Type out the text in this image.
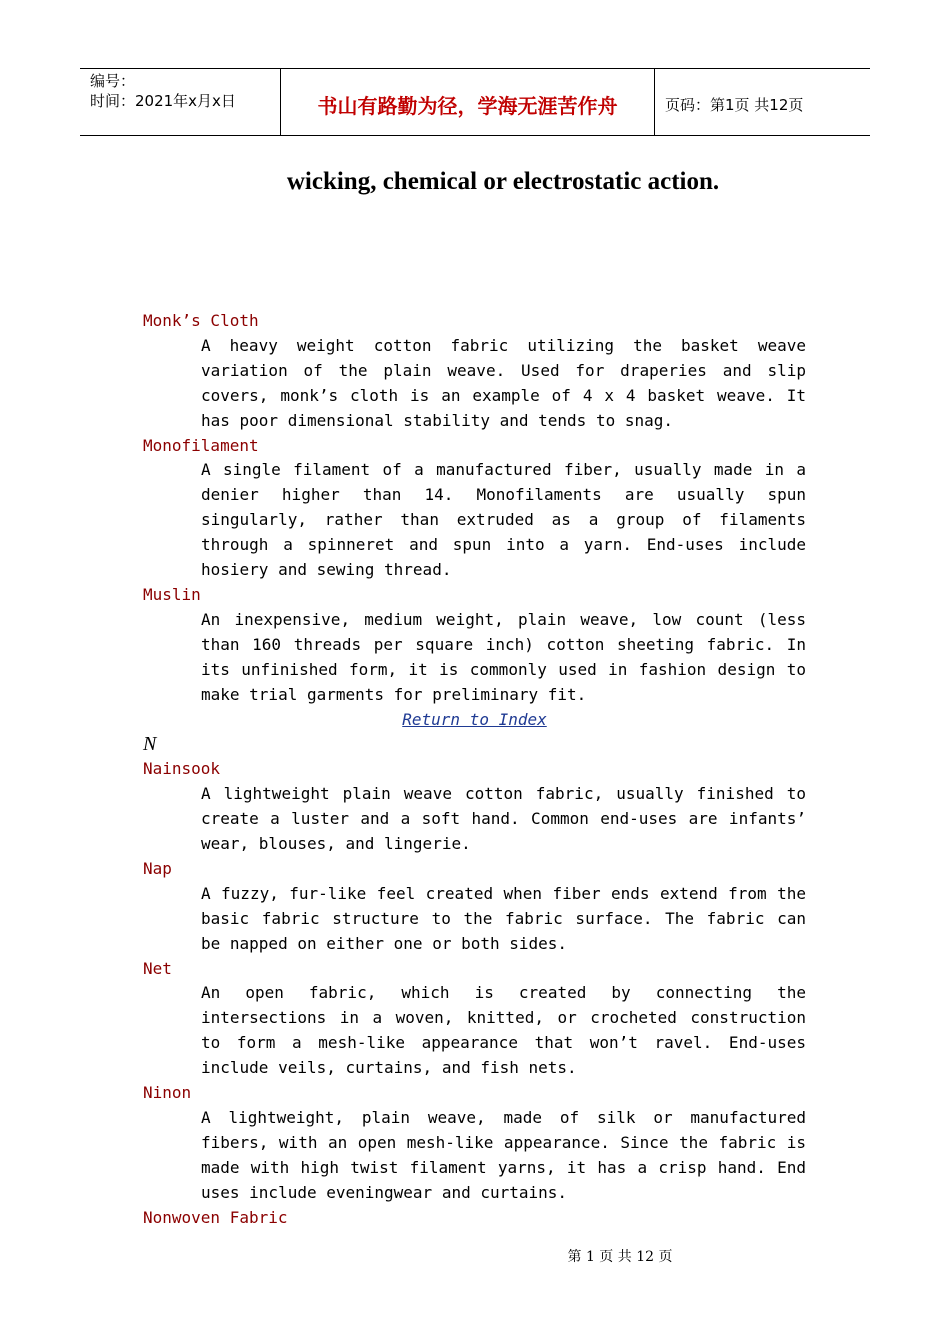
编号：
时间：2021年x月x日	书山有路勤为径，学海无涯苦作舟	页码：第1页 共12页
wicking, chemical or electrostatic action.

Monk’s Cloth

A heavy weight cotton fabric utilizing the basket weave variation of the plain weave. Used for draperies and slip covers, monk’s cloth is an example of 4 x 4 basket weave. It has poor dimensional stability and tends to snag.

Monofilament

A single filament of a manufactured fiber, usually made in a denier higher than 14. Monofilaments are usually spun singularly, rather than extruded as a group of filaments through a spinneret and spun into a yarn. End-uses include hosiery and sewing thread.

Muslin

An inexpensive, medium weight, plain weave, low count (less than 160 threads per square inch) cotton sheeting fabric. In its unfinished form, it is commonly used in fashion design to make trial garments for preliminary fit.

Return to Index

N

Nainsook

A lightweight plain weave cotton fabric, usually finished to create a luster and a soft hand. Common end-uses are infants’ wear, blouses, and lingerie.

Nap

A fuzzy, fur-like feel created when fiber ends extend from the basic fabric structure to the fabric surface. The fabric can be napped on either one or both sides.

Net

An open fabric, which is created by connecting the intersections in a woven, knitted, or crocheted construction to form a mesh-like appearance that won’t ravel. End-uses include veils, curtains, and fish nets.

Ninon

A lightweight, plain weave, made of silk or manufactured fibers, with an open mesh-like appearance. Since the fabric is made with high twist filament yarns, it has a crisp hand. End uses include eveningwear and curtains.

Nonwoven Fabric

第 1 页 共 12 页
